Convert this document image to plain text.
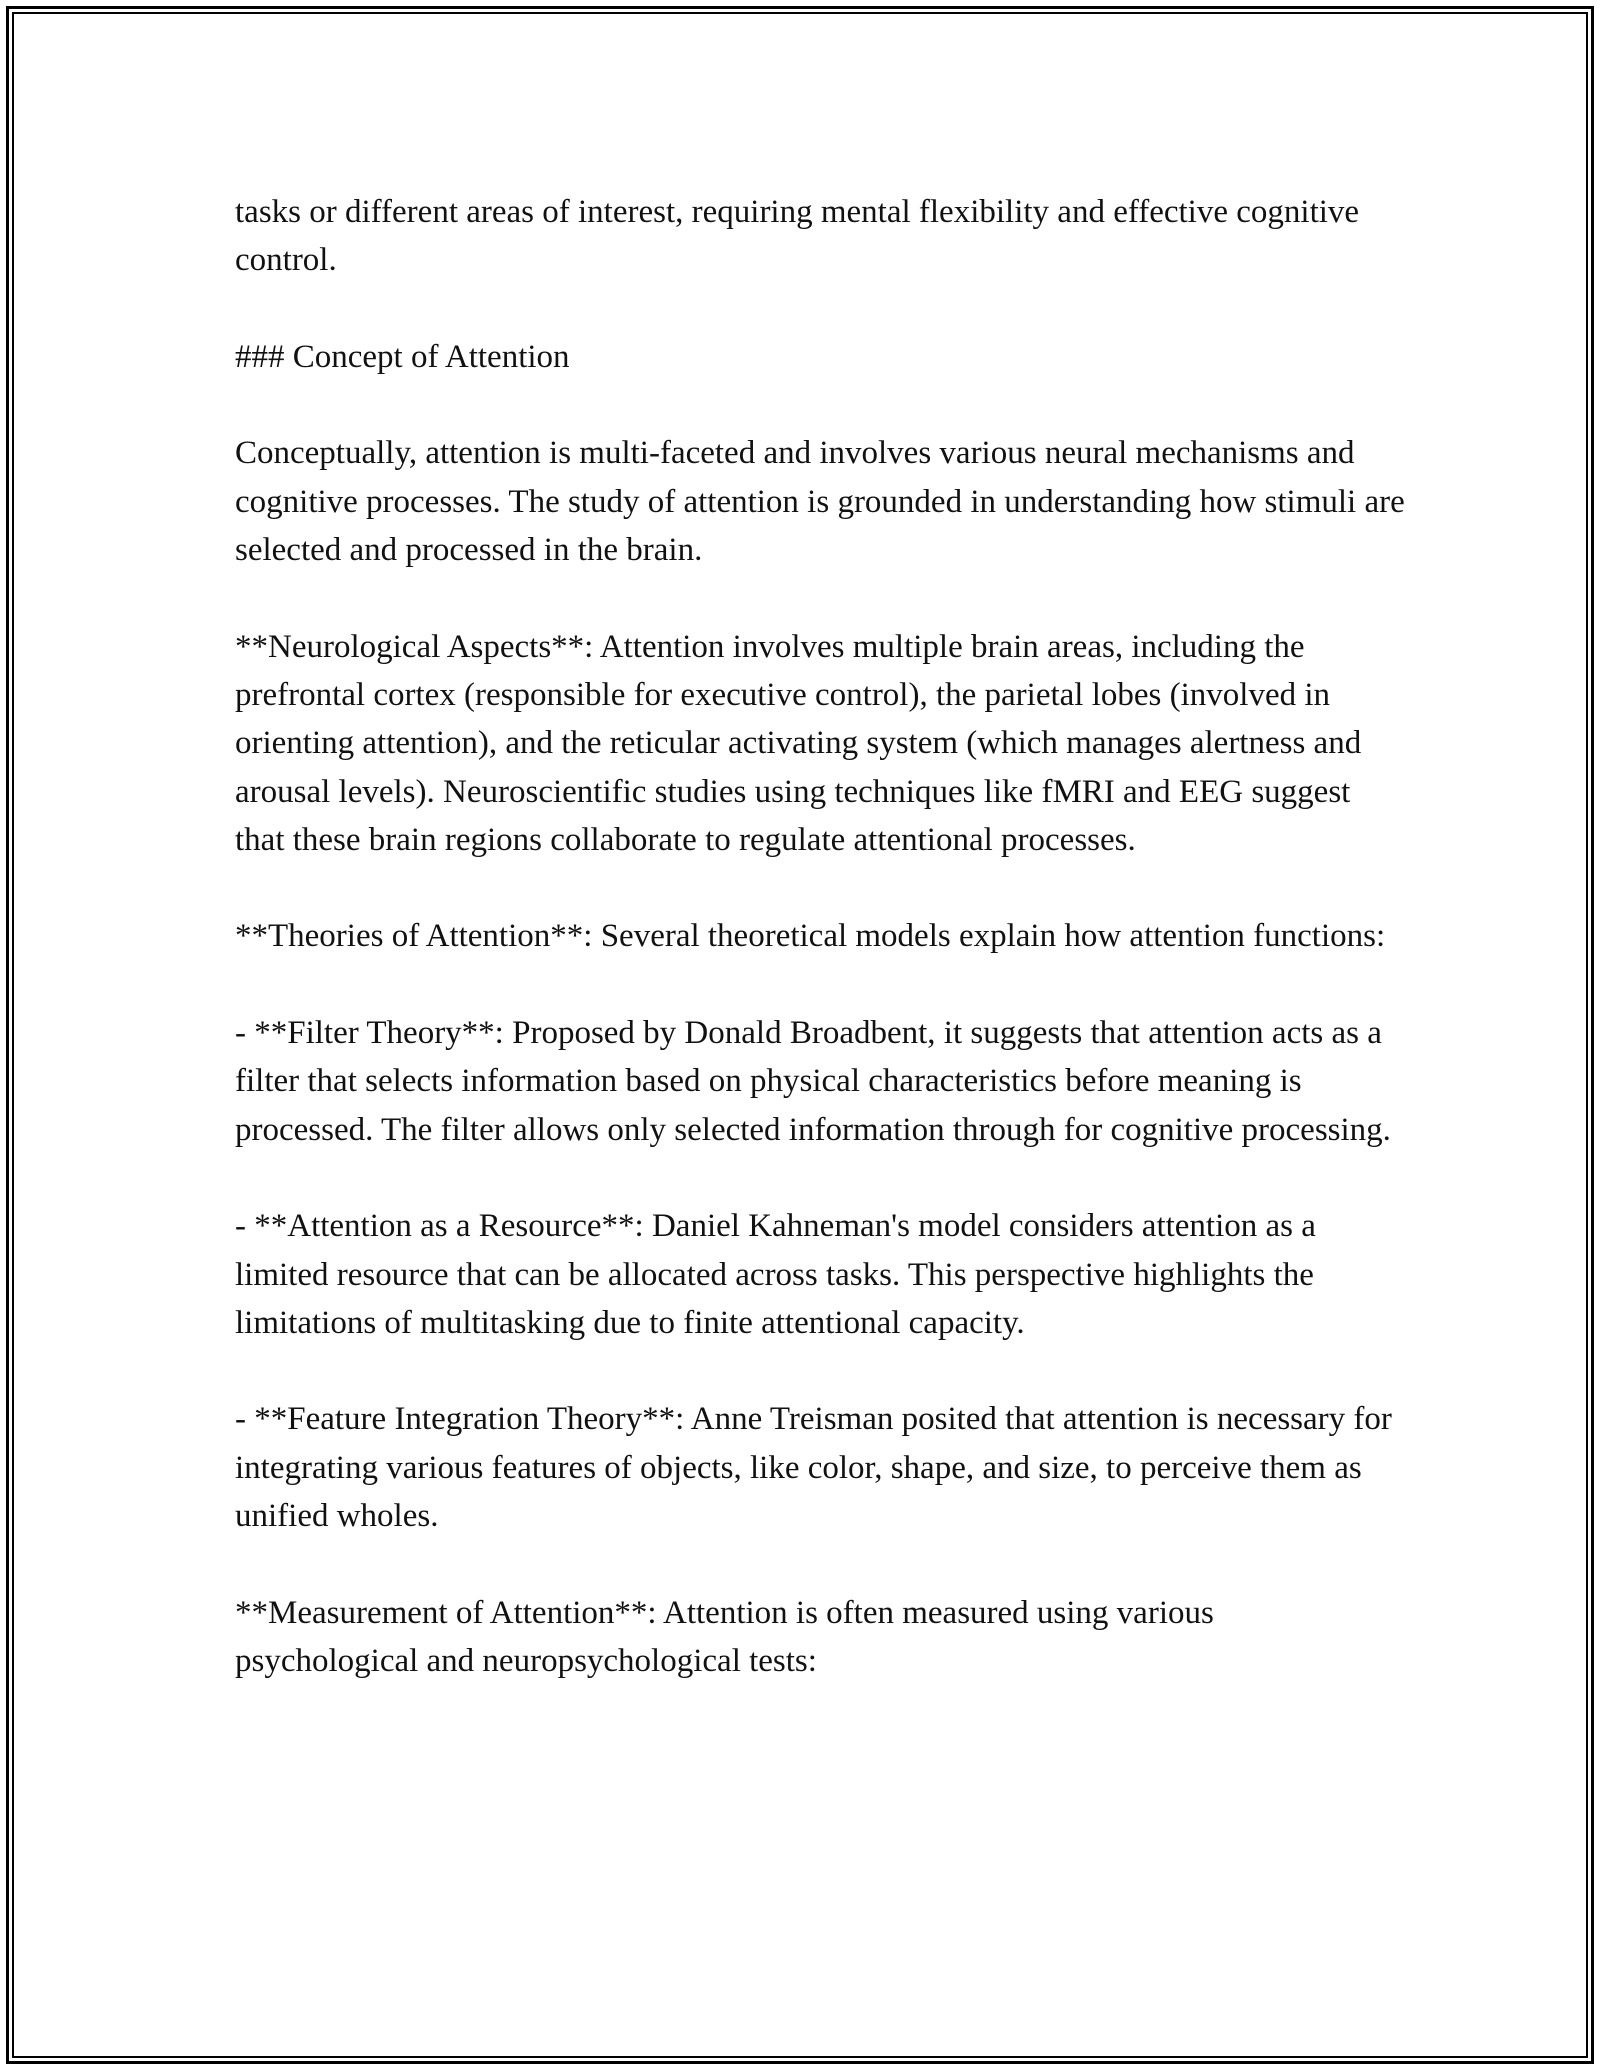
tasks or different areas of interest, requiring mental flexibility and effective cognitive control.

### Concept of Attention

Conceptually, attention is multi-faceted and involves various neural mechanisms and cognitive processes. The study of attention is grounded in understanding how stimuli are selected and processed in the brain.

**Neurological Aspects**: Attention involves multiple brain areas, including the prefrontal cortex (responsible for executive control), the parietal lobes (involved in orienting attention), and the reticular activating system (which manages alertness and arousal levels). Neuroscientific studies using techniques like fMRI and EEG suggest that these brain regions collaborate to regulate attentional processes.

**Theories of Attention**: Several theoretical models explain how attention functions:

- **Filter Theory**: Proposed by Donald Broadbent, it suggests that attention acts as a filter that selects information based on physical characteristics before meaning is processed. The filter allows only selected information through for cognitive processing.

- **Attention as a Resource**: Daniel Kahneman's model considers attention as a limited resource that can be allocated across tasks. This perspective highlights the limitations of multitasking due to finite attentional capacity.

- **Feature Integration Theory**: Anne Treisman posited that attention is necessary for integrating various features of objects, like color, shape, and size, to perceive them as unified wholes.

**Measurement of Attention**: Attention is often measured using various psychological and neuropsychological tests:
